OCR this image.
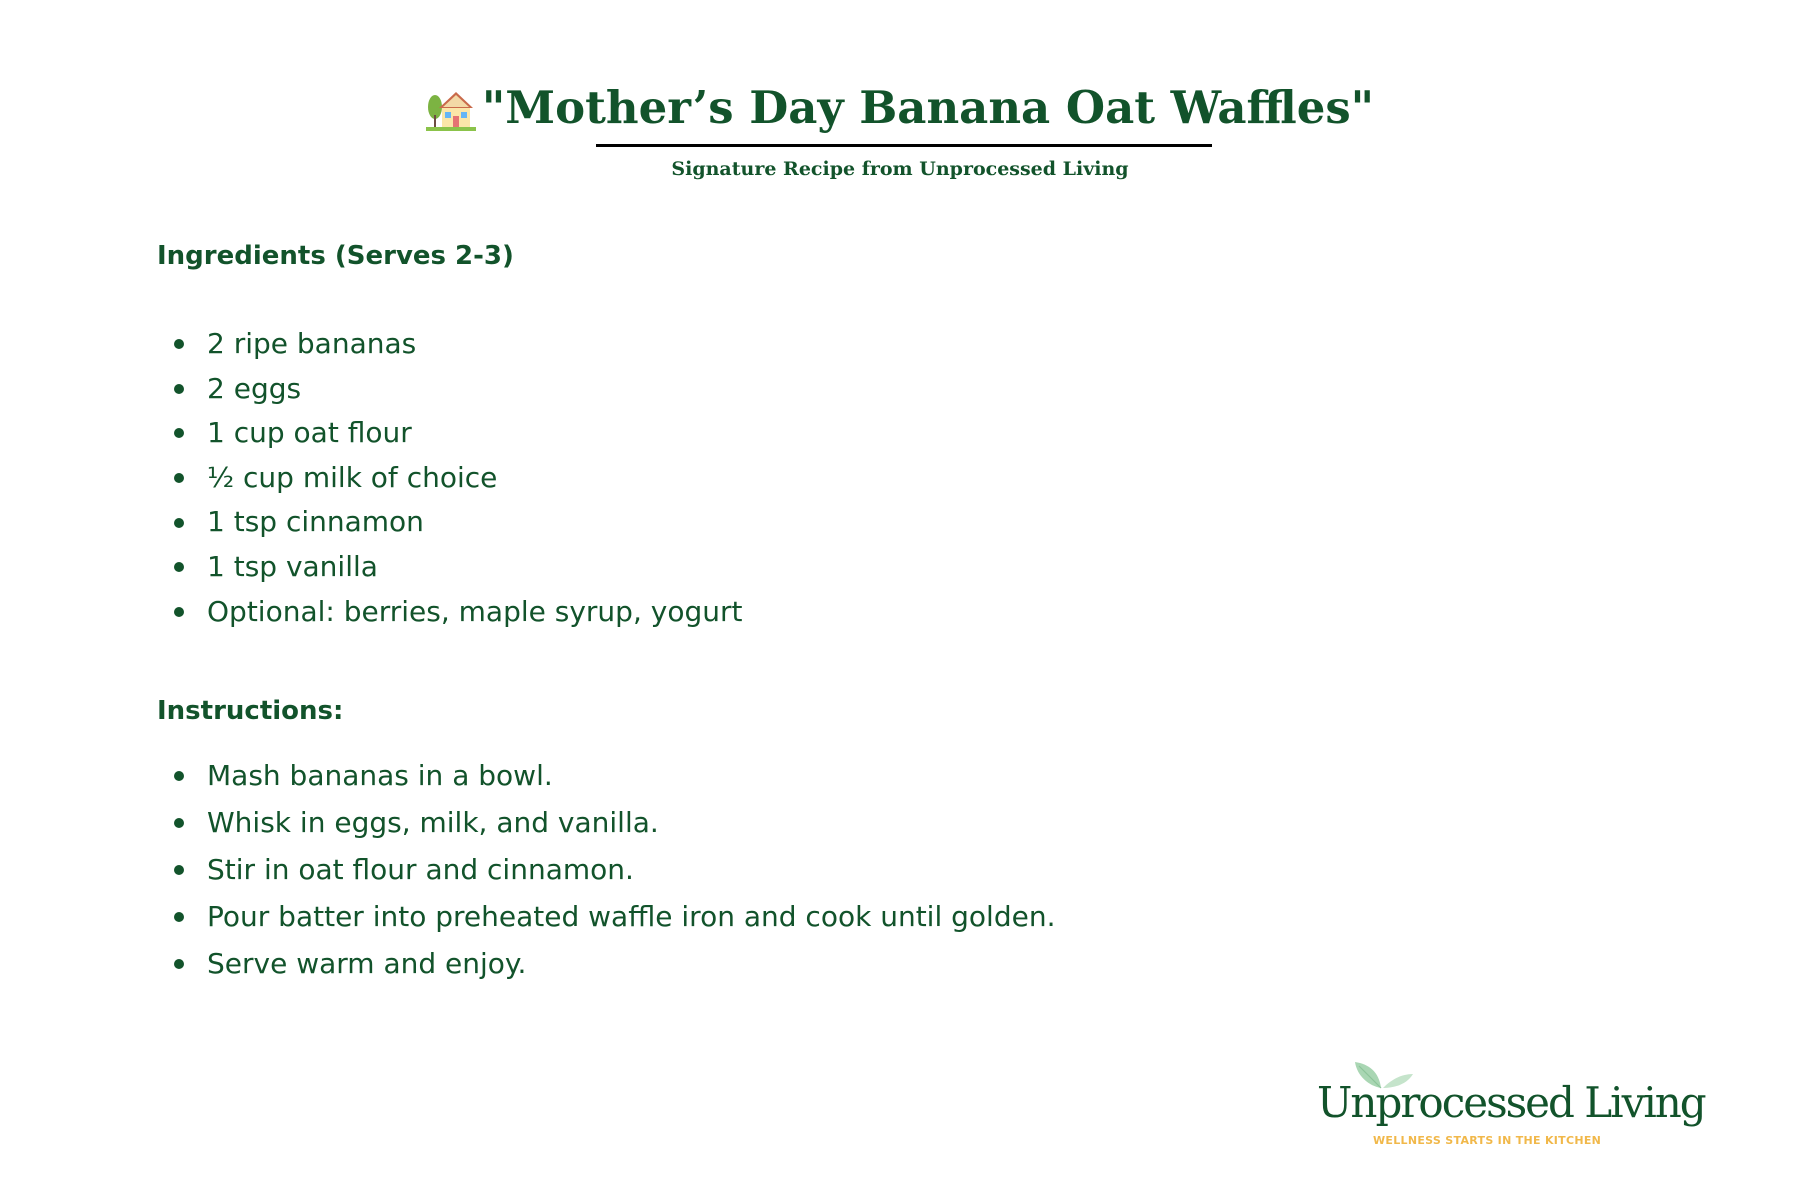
"Mother’s Day Banana Oat Waffles"
Signature Recipe from Unprocessed Living
Ingredients (Serves 2-3)
2 ripe bananas
2 eggs
1 cup oat flour
½ cup milk of choice
1 tsp cinnamon
1 tsp vanilla
Optional: berries, maple syrup, yogurt
Instructions:
Mash bananas in a bowl.
Whisk in eggs, milk, and vanilla.
Stir in oat flour and cinnamon.
Pour batter into preheated waffle iron and cook until golden.
Serve warm and enjoy.
Unprocessed Living
WELLNESS STARTS IN THE KITCHEN
